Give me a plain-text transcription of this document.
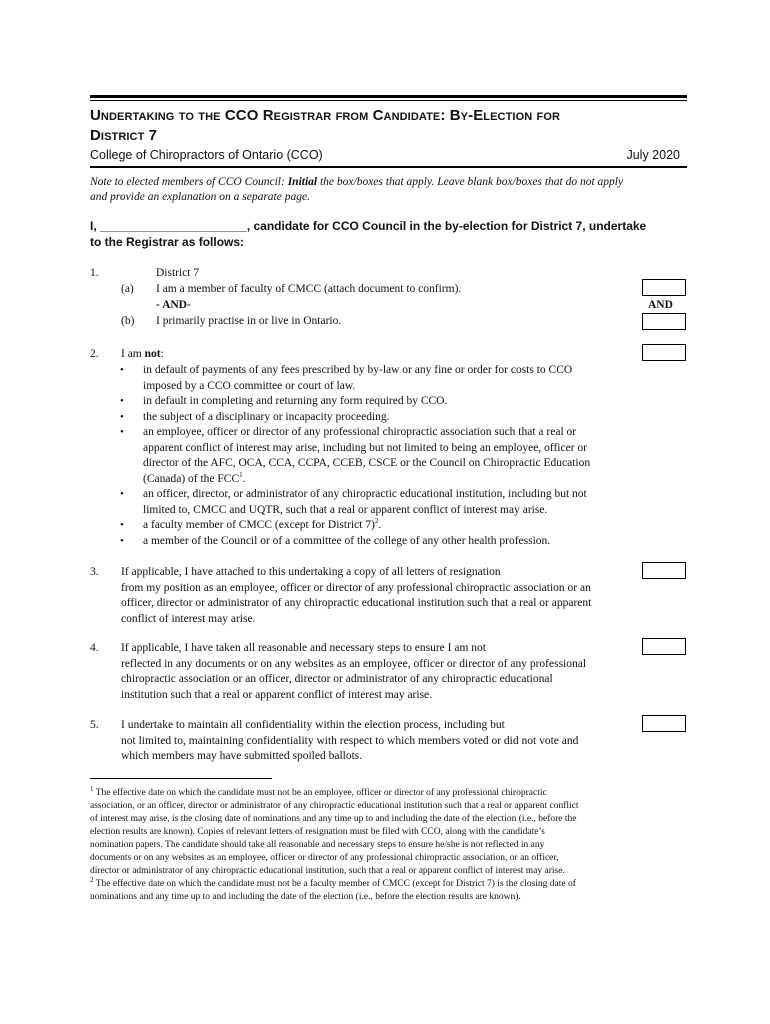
Undertaking to the CCO Registrar from Candidate: By-Election for
District 7
College of Chiropractors of Ontario (CCO)	July 2020
Note to elected members of CCO Council: Initial the box/boxes that apply. Leave blank box/boxes that do not apply
and provide an explanation on a separate page.
I, ______________________, candidate for CCO Council in the by-election for District 7, undertake
to the Registrar as follows:
1.	District 7
(a) I am a member of faculty of CMCC (attach document to confirm).
- AND-
(b) I primarily practise in or live in Ontario.
AND
2. I am not:
• in default of payments of any fees prescribed by by-law or any fine or order for costs to CCO
imposed by a CCO committee or court of law.
• in default in completing and returning any form required by CCO.
• the subject of a disciplinary or incapacity proceeding.
• an employee, officer or director of any professional chiropractic association such that a real or
apparent conflict of interest may arise, including but not limited to being an employee, officer or
director of the AFC, OCA, CCA, CCPA, CCEB, CSCE or the Council on Chiropractic Education
(Canada) of the FCC$^1$.
• an officer, director, or administrator of any chiropractic educational institution, including but not
limited to, CMCC and UQTR, such that a real or apparent conflict of interest may arise.
• a faculty member of CMCC (except for District 7)$^2$.
• a member of the Council or of a committee of the college of any other health profession.
3. If applicable, I have attached to this undertaking a copy of all letters of resignation
from my position as an employee, officer or director of any professional chiropractic association or an
officer, director or administrator of any chiropractic educational institution such that a real or apparent
conflict of interest may arise.
4. If applicable, I have taken all reasonable and necessary steps to ensure I am not
reflected in any documents or on any websites as an employee, officer or director of any professional
chiropractic association or an officer, director or administrator of any chiropractic educational
institution such that a real or apparent conflict of interest may arise.
5. I undertake to maintain all confidentiality within the election process, including but
not limited to, maintaining confidentiality with respect to which members voted or did not vote and
which members may have submitted spoiled ballots.
$^1$ The effective date on which the candidate must not be an employee, officer or director of any professional chiropractic
association, or an officer, director or administrator of any chiropractic educational institution such that a real or apparent conflict
of interest may arise, is the closing date of nominations and any time up to and including the date of the election (i.e., before the
election results are known). Copies of relevant letters of resignation must be filed with CCO, along with the candidate’s
nomination papers. The candidate should take all reasonable and necessary steps to ensure he/she is not reflected in any
documents or on any websites as an employee, officer or director of any professional chiropractic association, or an officer,
director or administrator of any chiropractic educational institution, such that a real or apparent conflict of interest may arise.
$^2$ The effective date on which the candidate must not be a faculty member of CMCC (except for District 7) is the closing date of
nominations and any time up to and including the date of the election (i.e., before the election results are known).
